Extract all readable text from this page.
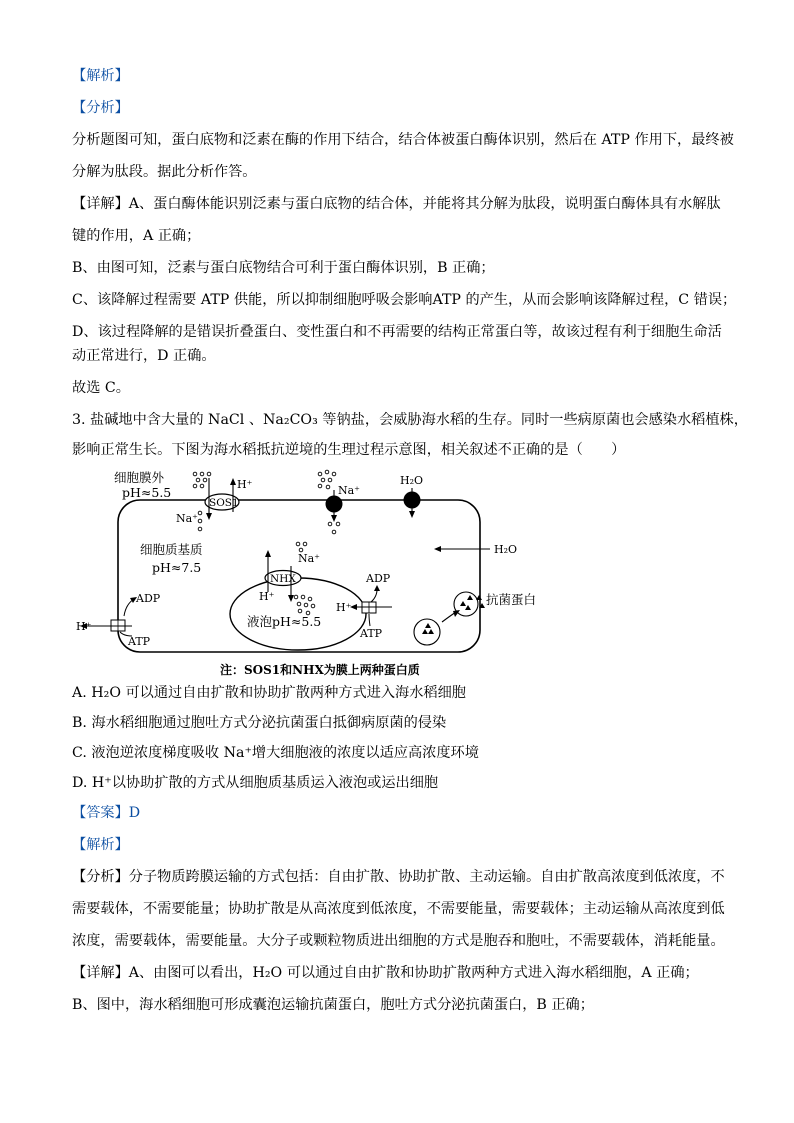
【解析】
【分析】
分析题图可知，蛋白底物和泛素在酶的作用下结合，结合体被蛋白酶体识别，然后在 ATP 作用下，最终被
分解为肽段。据此分析作答。
【详解】A、蛋白酶体能识别泛素与蛋白底物的结合体，并能将其分解为肽段，说明蛋白酶体具有水解肽
键的作用，A 正确；
B、由图可知，泛素与蛋白底物结合可利于蛋白酶体识别，B 正确；
C、该降解过程需要 ATP 供能，所以抑制细胞呼吸会影响ATP 的产生，从而会影响该降解过程，C 错误；
D、该过程降解的是错误折叠蛋白、变性蛋白和不再需要的结构正常蛋白等，故该过程有利于细胞生命活
动正常进行，D 正确。
故选 C。
3. 盐碱地中含大量的 NaCl 、Na₂CO₃ 等钠盐，会威胁海水稻的生存。同时一些病原菌也会感染水稻植株，
影响正常生长。下图为海水稻抵抗逆境的生理过程示意图，相关叙述不正确的是（　　）
细胞膜外
pH≈5.5
SOS1
H⁺
Na⁺
Na⁺
H₂O
H₂O
细胞质基质
pH≈7.5
Na⁺
NHX
H⁺
液泡pH≈5.5
H⁺
ADP
ATP
H⁺
ADP
ATP
抗菌蛋白
注：SOS1和NHX为膜上两种蛋白质
A. H₂O 可以通过自由扩散和协助扩散两种方式进入海水稻细胞
B. 海水稻细胞通过胞吐方式分泌抗菌蛋白抵御病原菌的侵染
C. 液泡逆浓度梯度吸收 Na⁺增大细胞液的浓度以适应高浓度环境
D. H⁺以协助扩散的方式从细胞质基质运入液泡或运出细胞
【答案】D
【解析】
【分析】分子物质跨膜运输的方式包括：自由扩散、协助扩散、主动运输。自由扩散高浓度到低浓度，不
需要载体，不需要能量；协助扩散是从高浓度到低浓度，不需要能量，需要载体；主动运输从高浓度到低
浓度，需要载体，需要能量。大分子或颗粒物质进出细胞的方式是胞吞和胞吐，不需要载体，消耗能量。
【详解】A、由图可以看出，H₂O 可以通过自由扩散和协助扩散两种方式进入海水稻细胞，A 正确；
B、图中，海水稻细胞可形成囊泡运输抗菌蛋白，胞吐方式分泌抗菌蛋白，B 正确；
